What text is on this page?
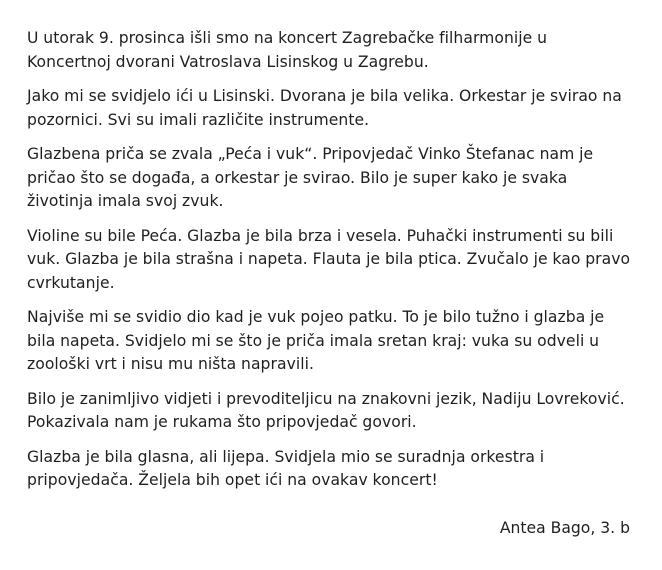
U utorak 9. prosinca išli smo na koncert Zagrebačke filharmonije u Koncertnoj dvorani Vatroslava Lisinskog u Zagrebu.

Jako mi se svidjelo ići u Lisinski. Dvorana je bila velika. Orkestar je svirao na pozornici. Svi su imali različite instrumente.

Glazbena priča se zvala „Peća i vuk“. Pripovjedač Vinko Štefanac nam je pričao što se događa, a orkestar je svirao. Bilo je super kako je svaka životinja imala svoj zvuk.

Violine su bile Peća. Glazba je bila brza i vesela. Puhački instrumenti su bili vuk. Glazba je bila strašna i napeta. Flauta je bila ptica. Zvučalo je kao pravo cvrkutanje.

Najviše mi se svidio dio kad je vuk pojeo patku. To je bilo tužno i glazba je bila napeta. Svidjelo mi se što je priča imala sretan kraj: vuka su odveli u zoološki vrt i nisu mu ništa napravili.

Bilo je zanimljivo vidjeti i prevoditeljicu na znakovni jezik, Nadiju Lovreković. Pokazivala nam je rukama što pripovjedač govori.

Glazba je bila glasna, ali lijepa. Svidjela mio se suradnja orkestra i pripovjedača. Željela bih opet ići na ovakav koncert!

Antea Bago, 3. b
